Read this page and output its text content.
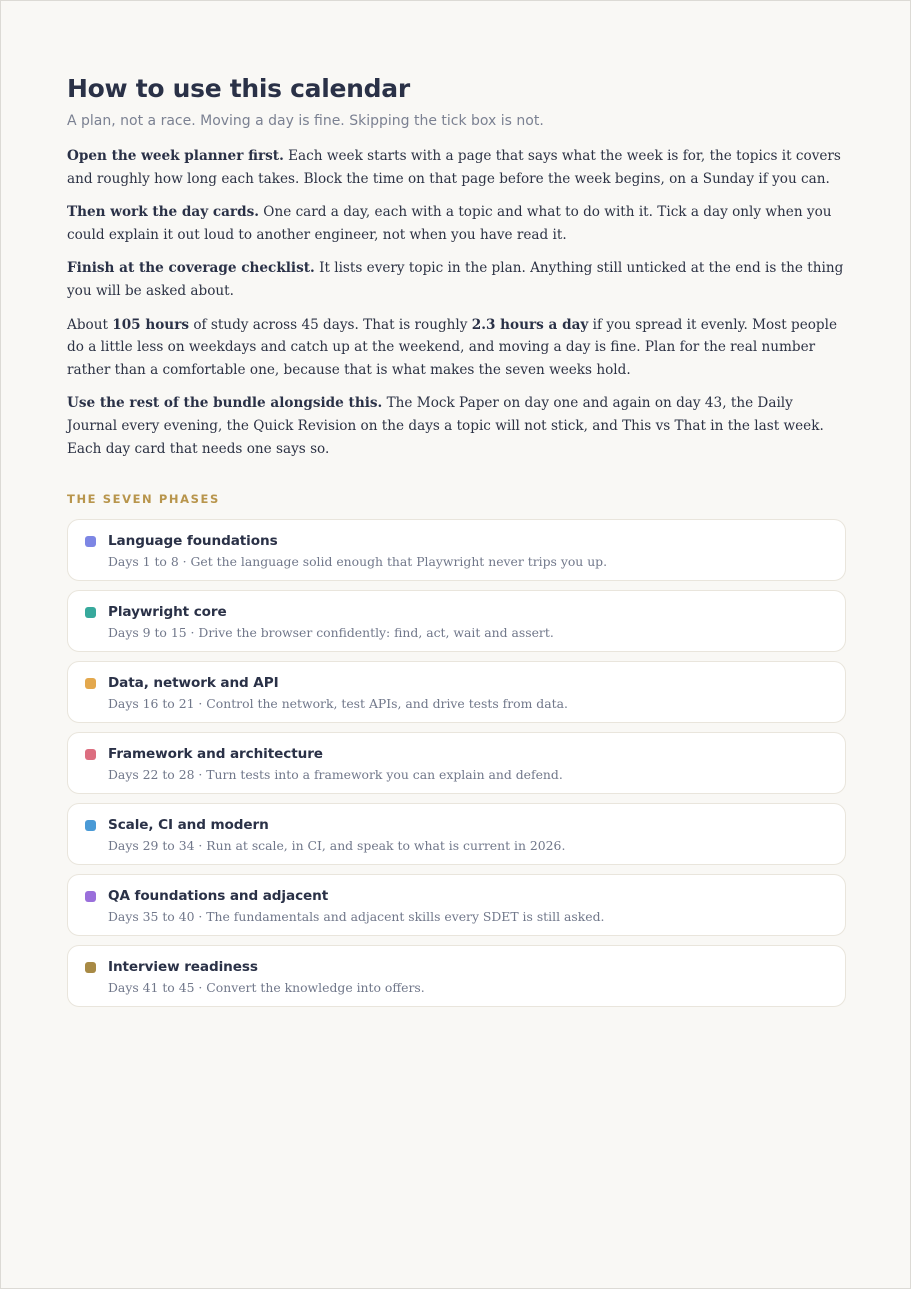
How to use this calendar

A plan, not a race. Moving a day is fine. Skipping the tick box is not.

Open the week planner first. Each week starts with a page that says what the week is for, the topics it covers and roughly how long each takes. Block the time on that page before the week begins, on a Sunday if you can.

Then work the day cards. One card a day, each with a topic and what to do with it. Tick a day only when you could explain it out loud to another engineer, not when you have read it.

Finish at the coverage checklist. It lists every topic in the plan. Anything still unticked at the end is the thing you will be asked about.

About 105 hours of study across 45 days. That is roughly 2.3 hours a day if you spread it evenly. Most people do a little less on weekdays and catch up at the weekend, and moving a day is fine. Plan for the real number rather than a comfortable one, because that is what makes the seven weeks hold.

Use the rest of the bundle alongside this. The Mock Paper on day one and again on day 43, the Daily Journal every evening, the Quick Revision on the days a topic will not stick, and This vs That in the last week. Each day card that needs one says so.

THE SEVEN PHASES
Language foundations
Days 1 to 8 · Get the language solid enough that Playwright never trips you up.
Playwright core
Days 9 to 15 · Drive the browser confidently: find, act, wait and assert.
Data, network and API
Days 16 to 21 · Control the network, test APIs, and drive tests from data.
Framework and architecture
Days 22 to 28 · Turn tests into a framework you can explain and defend.
Scale, CI and modern
Days 29 to 34 · Run at scale, in CI, and speak to what is current in 2026.
QA foundations and adjacent
Days 35 to 40 · The fundamentals and adjacent skills every SDET is still asked.
Interview readiness
Days 41 to 45 · Convert the knowledge into offers.
